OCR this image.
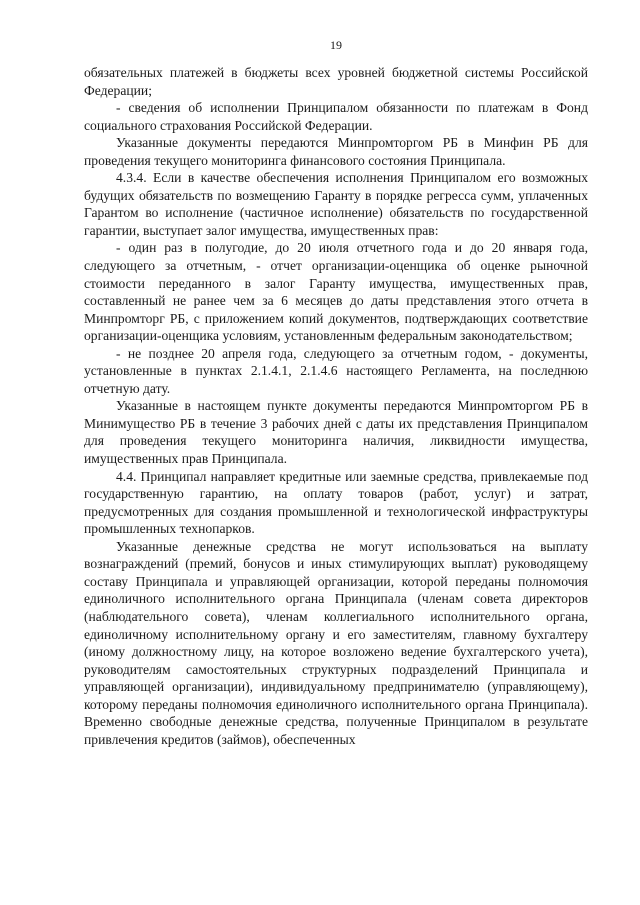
19

обязательных платежей в бюджеты всех уровней бюджетной системы Российской Федерации;

- сведения об исполнении Принципалом обязанности по платежам в Фонд социального страхования Российской Федерации.

Указанные документы передаются Минпромторгом РБ в Минфин РБ для проведения текущего мониторинга финансового состояния Принципала.

4.3.4. Если в качестве обеспечения исполнения Принципалом его возможных будущих обязательств по возмещению Гаранту в порядке регресса сумм, уплаченных Гарантом во исполнение (частичное исполнение) обязательств по государственной гарантии, выступает залог имущества, имущественных прав:

- один раз в полугодие, до 20 июля отчетного года и до 20 января года, следующего за отчетным, - отчет организации-оценщика об оценке рыночной стоимости переданного в залог Гаранту имущества, имущественных прав, составленный не ранее чем за 6 месяцев до даты представления этого отчета в Минпромторг РБ, с приложением копий документов, подтверждающих соответствие организации-оценщика условиям, установленным федеральным законодательством;

- не позднее 20 апреля года, следующего за отчетным годом, - документы, установленные в пунктах 2.1.4.1, 2.1.4.6 настоящего Регламента, на последнюю отчетную дату.

Указанные в настоящем пункте документы передаются Минпромторгом РБ в Минимущество РБ в течение 3 рабочих дней с даты их представления Принципалом для проведения текущего мониторинга наличия, ликвидности имущества, имущественных прав Принципала.

4.4. Принципал направляет кредитные или заемные средства, привлекаемые под государственную гарантию, на оплату товаров (работ, услуг) и затрат, предусмотренных для создания промышленной и технологической инфраструктуры промышленных технопарков.

Указанные денежные средства не могут использоваться на выплату вознаграждений (премий, бонусов и иных стимулирующих выплат) руководящему составу Принципала и управляющей организации, которой переданы полномочия единоличного исполнительного органа Принципала (членам совета директоров (наблюдательного совета), членам коллегиального исполнительного органа, единоличному исполнительному органу и его заместителям, главному бухгалтеру (иному должностному лицу, на которое возложено ведение бухгалтерского учета), руководителям самостоятельных структурных подразделений Принципала и управляющей организации), индивидуальному предпринимателю (управляющему), которому переданы полномочия единоличного исполнительного органа Принципала). Временно свободные денежные средства, полученные Принципалом в результате привлечения кредитов (займов), обеспеченных
